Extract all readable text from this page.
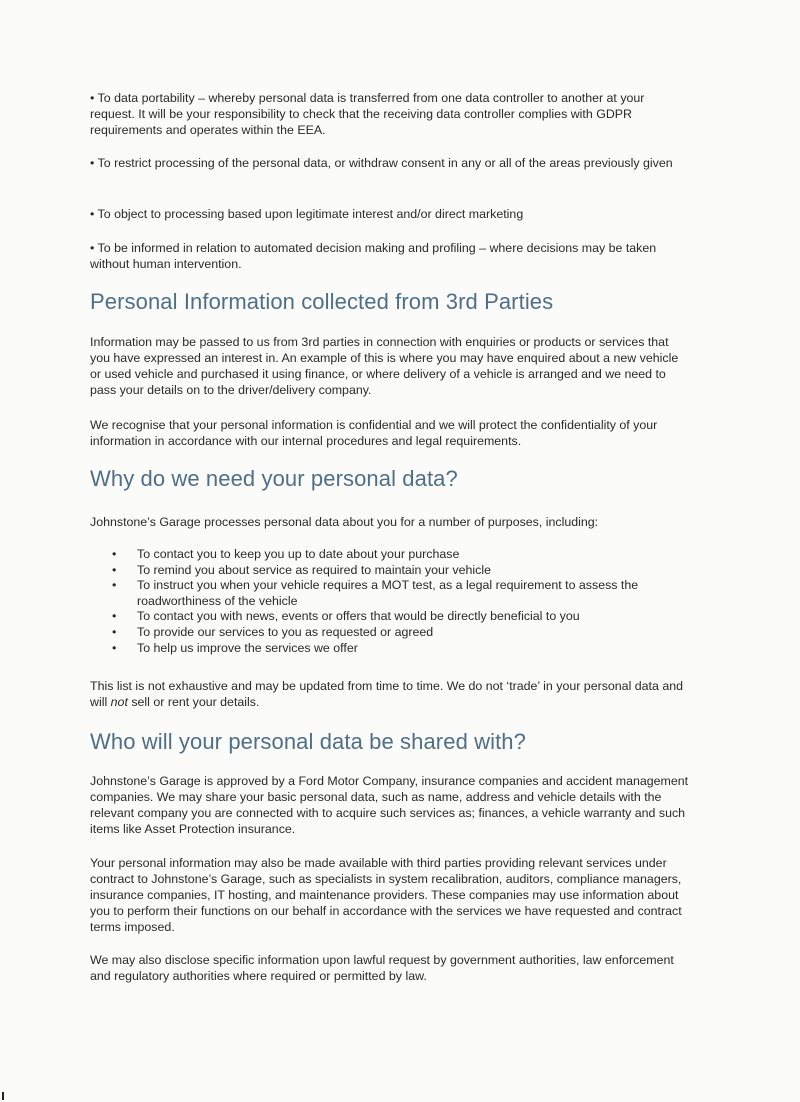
• To data portability – whereby personal data is transferred from one data controller to another at your request. It will be your responsibility to check that the receiving data controller complies with GDPR requirements and operates within the EEA.

• To restrict processing of the personal data, or withdraw consent in any or all of the areas previously given

• To object to processing based upon legitimate interest and/or direct marketing

• To be informed in relation to automated decision making and profiling – where decisions may be taken without human intervention.

Personal Information collected from 3rd Parties

Information may be passed to us from 3rd parties in connection with enquiries or products or services that you have expressed an interest in. An example of this is where you may have enquired about a new vehicle or used vehicle and purchased it using finance, or where delivery of a vehicle is arranged and we need to pass your details on to the driver/delivery company.

We recognise that your personal information is confidential and we will protect the confidentiality of your information in accordance with our internal procedures and legal requirements.

Why do we need your personal data?

Johnstone’s Garage processes personal data about you for a number of purposes, including:

• To contact you to keep you up to date about your purchase
• To remind you about service as required to maintain your vehicle
• To instruct you when your vehicle requires a MOT test, as a legal requirement to assess the roadworthiness of the vehicle
• To contact you with news, events or offers that would be directly beneficial to you
• To provide our services to you as requested or agreed
• To help us improve the services we offer

This list is not exhaustive and may be updated from time to time. We do not ‘trade’ in your personal data and will not sell or rent your details.

Who will your personal data be shared with?

Johnstone’s Garage is approved by a Ford Motor Company, insurance companies and accident management companies. We may share your basic personal data, such as name, address and vehicle details with the relevant company you are connected with to acquire such services as; finances, a vehicle warranty and such items like Asset Protection insurance.

Your personal information may also be made available with third parties providing relevant services under contract to Johnstone’s Garage, such as specialists in system recalibration, auditors, compliance managers, insurance companies, IT hosting, and maintenance providers. These companies may use information about you to perform their functions on our behalf in accordance with the services we have requested and contract terms imposed.

We may also disclose specific information upon lawful request by government authorities, law enforcement and regulatory authorities where required or permitted by law.
